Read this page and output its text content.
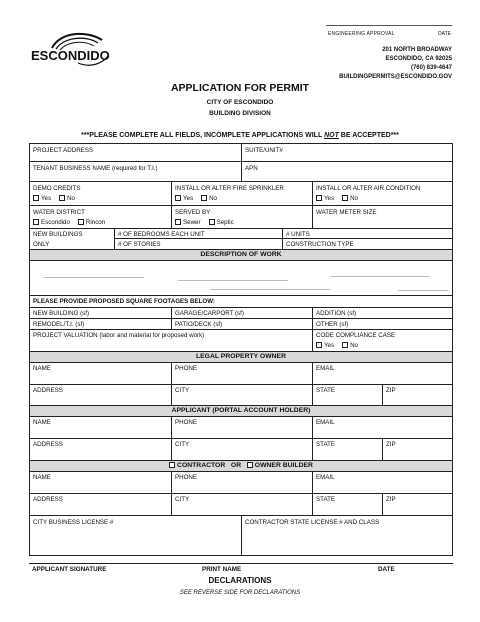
ENGINEERING APPROVAL	DATE
ESCONDIDO	201 NORTH BROADWAY
ESCONDIDO, CA 92025
(760) 839-4647
BUILDINGPERMITS@ESCONDIDO.GOV
APPLICATION FOR PERMIT
CITY OF ESCONDIDO
BUILDING DIVISION
***PLEASE COMPLETE ALL FIELDS, INCOMPLETE APPLICATIONS WILL NOT BE ACCEPTED***
PROJECT ADDRESS	SUITE/UNIT#
TENANT BUSINESS NAME (required for T.I.)	APN
DEMO CREDITS
Yes	No
INSTALL OR ALTER FIRE SPRINKLER
Yes	No
INSTALL OR ALTER AIR CONDITION
Yes	No
WATER DISTRICT
Escondido	Rincon
SERVED BY
Sewer	Septic
WATER METER SIZE
NEW BUILDINGS
ONLY
# OF BEDROOMS EACH UNIT	# UNITS
# OF STORIES	CONSTRUCTION TYPE
DESCRIPTION OF WORK
PLEASE PROVIDE PROPOSED SQUARE FOOTAGES BELOW:
NEW BUILDING (sf)	GARAGE/CARPORT (sf)	ADDITION (sf)
REMODEL/T.I. (sf)	PATIO/DECK (sf)	OTHER (sf)
PROJECT VALUATION (labor and material for proposed work)	CODE COMPLIANCE CASE
Yes	No
LEGAL PROPERTY OWNER
NAME	PHONE	EMAIL
ADDRESS	CITY	STATE	ZIP
APPLICANT (PORTAL ACCOUNT HOLDER)
NAME	PHONE	EMAIL
ADDRESS	CITY	STATE	ZIP
CONTRACTOR OR OWNER BUILDER
NAME	PHONE	EMAIL
ADDRESS	CITY	STATE	ZIP
CITY BUSINESS LICENSE #	CONTRACTOR STATE LICENSE # AND CLASS
APPLICANT SIGNATURE	PRINT NAME	DATE
DECLARATIONS
SEE REVERSE SIDE FOR DECLARATIONS
